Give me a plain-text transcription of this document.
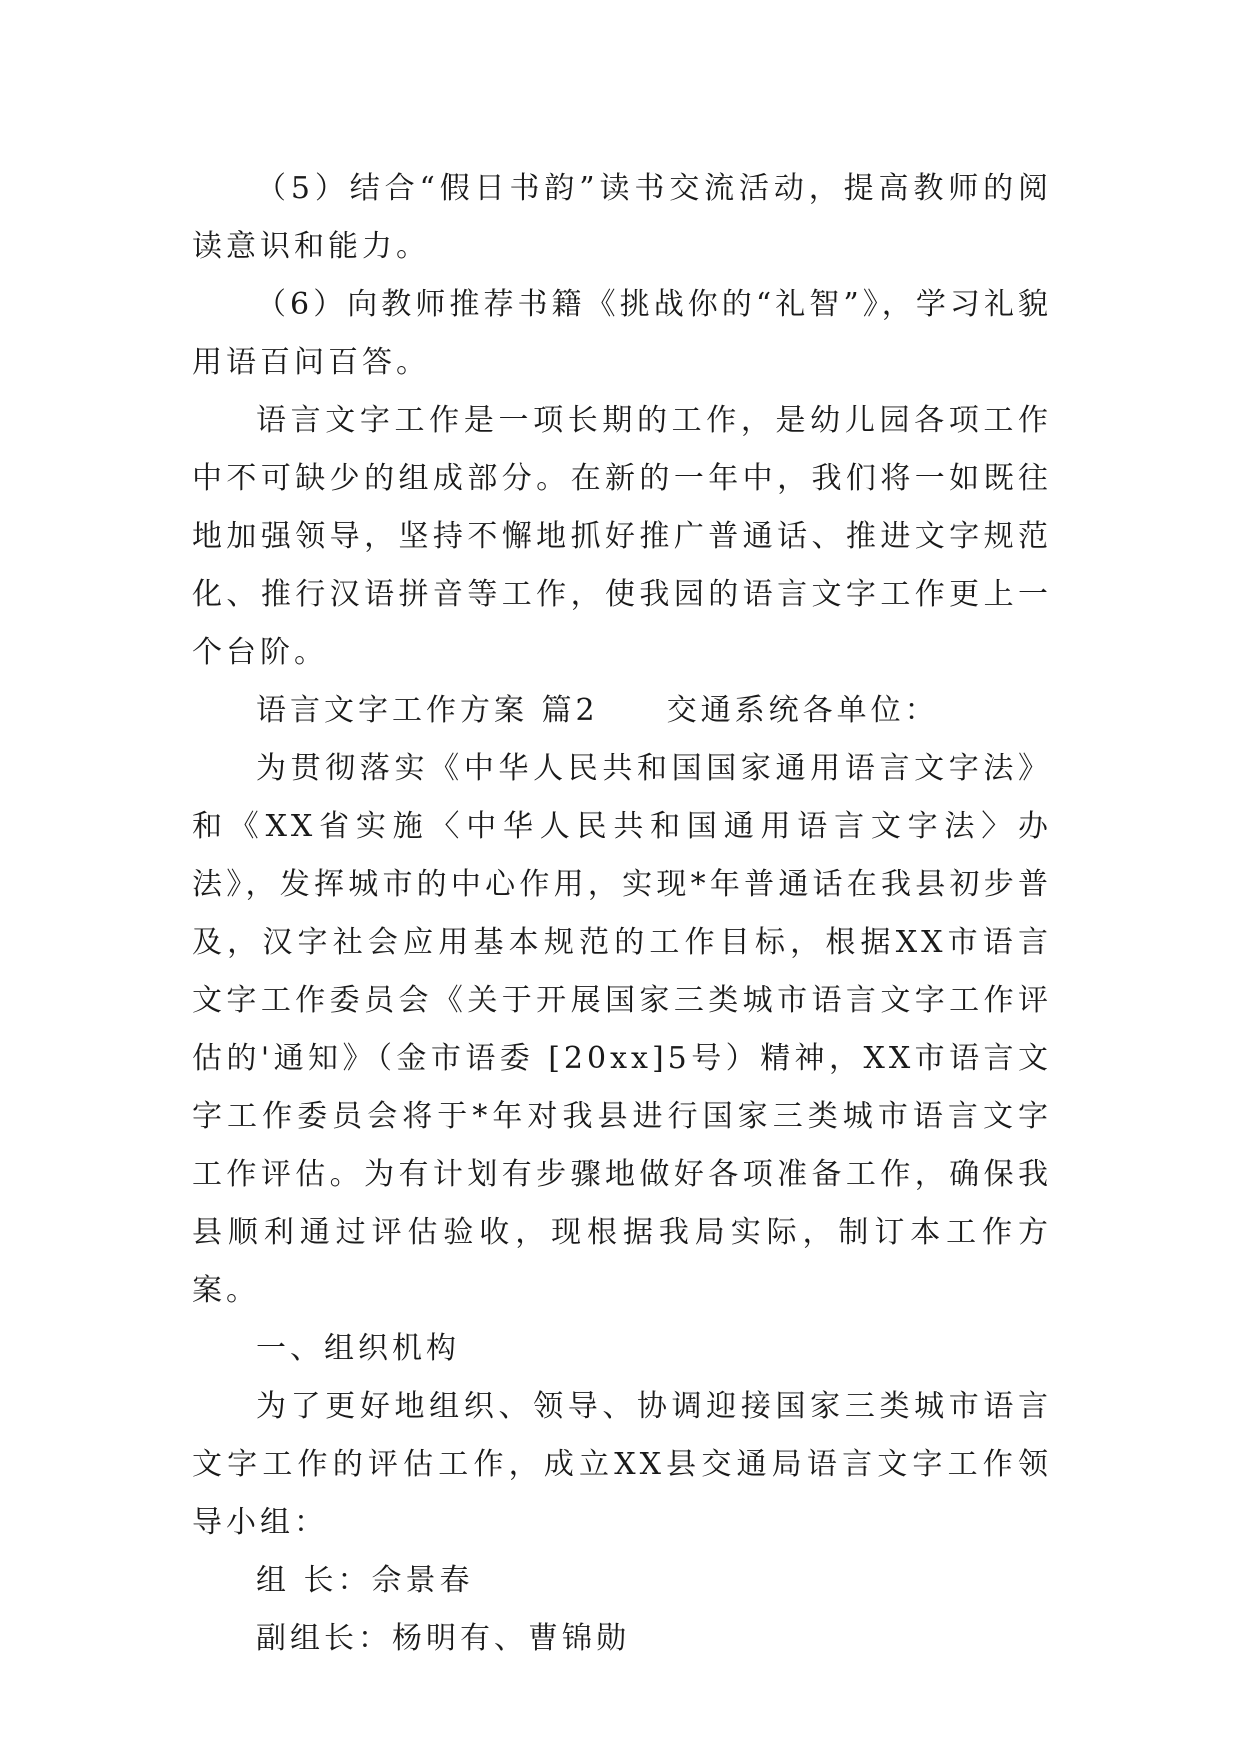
（5）结合“假日书韵”读书交流活动，提高教师的阅读意识和能力。

（6）向教师推荐书籍《挑战你的“礼智”》，学习礼貌用语百问百答。

语言文字工作是一项长期的工作，是幼儿园各项工作中不可缺少的组成部分。在新的一年中，我们将一如既往地加强领导，坚持不懈地抓好推广普通话、推进文字规范化、推行汉语拼音等工作，使我园的语言文字工作更上一个台阶。

语言文字工作方案 篇2　　交通系统各单位：

为贯彻落实《中华人民共和国国家通用语言文字法》和《XX省实施〈中华人民共和国通用语言文字法〉办法》，发挥城市的中心作用，实现*年普通话在我县初步普及，汉字社会应用基本规范的工作目标，根据XX市语言文字工作委员会《关于开展国家三类城市语言文字工作评估的'通知》（金市语委 [20xx]5号）精神，XX市语言文字工作委员会将于*年对我县进行国家三类城市语言文字工作评估。为有计划有步骤地做好各项准备工作，确保我县顺利通过评估验收，现根据我局实际，制订本工作方案。

一、组织机构

为了更好地组织、领导、协调迎接国家三类城市语言文字工作的评估工作，成立XX县交通局语言文字工作领导小组：

组 长：佘景春

副组长：杨明有、曹锦勋
